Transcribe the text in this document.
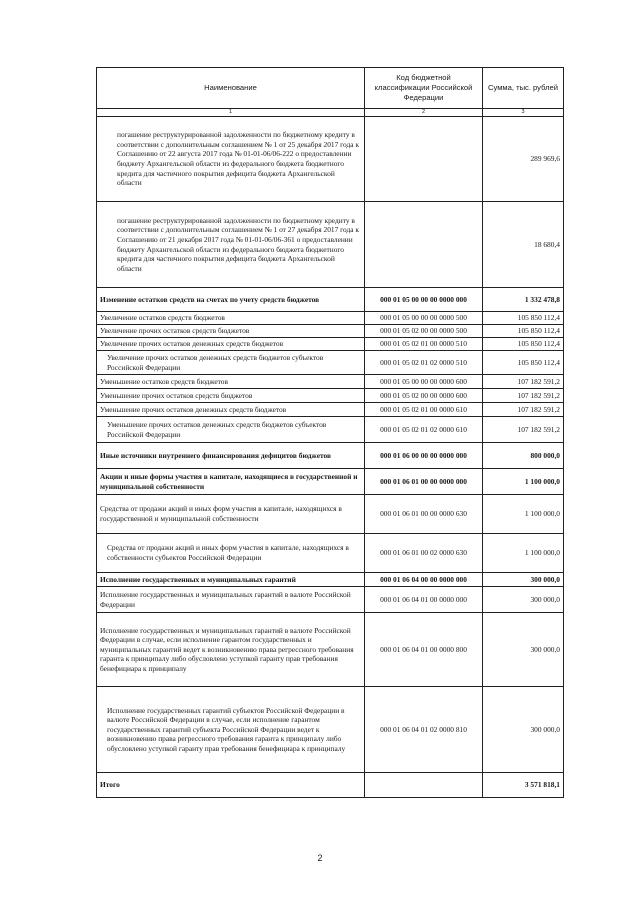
Наименование	Код бюджетной классификации Российской Федерации	Сумма, тыс. рублей
1	2	3
погашение реструктурированной задолженности по бюджетному кредиту в соответствии с дополнительным соглашением № 1 от 25 декабря 2017 года к Соглашению от 22 августа 2017 года № 01-01-06/06-222 о предоставлении бюджету Архангельской области из федерального бюджета бюджетного кредита для частичного покрытия дефицита бюджета Архангельской области		289 969,6
погашение реструктурированной задолженности по бюджетному кредиту в соответствии с дополнительным соглашением № 1 от 27 декабря 2017 года к Соглашению от 21 декабря 2017 года № 01-01-06/06-361 о предоставлении бюджету Архангельской области из федерального бюджета бюджетного кредита для частичного покрытия дефицита бюджета Архангельской области		18 680,4
Изменение остатков средств на счетах по учету средств бюджетов	000 01 05 00 00 00 0000 000	1 332 478,8
Увеличение остатков средств бюджетов	000 01 05 00 00 00 0000 500	105 850 112,4
Увеличение прочих остатков средств бюджетов	000 01 05 02 00 00 0000 500	105 850 112,4
Увеличение прочих остатков денежных средств бюджетов	000 01 05 02 01 00 0000 510	105 850 112,4
Увеличение прочих остатков денежных средств бюджетов субъектов Российской Федерации	000 01 05 02 01 02 0000 510	105 850 112,4
Уменьшение остатков средств бюджетов	000 01 05 00 00 00 0000 600	107 182 591,2
Уменьшение прочих остатков средств бюджетов	000 01 05 02 00 00 0000 600	107 182 591,2
Уменьшение прочих остатков денежных средств бюджетов	000 01 05 02 01 00 0000 610	107 182 591,2
Уменьшение прочих остатков денежных средств бюджетов субъектов Российской Федерации	000 01 05 02 01 02 0000 610	107 182 591,2
Иные источники внутреннего финансирования дефицитов бюджетов	000 01 06 00 00 00 0000 000	800 000,0
Акции и иные формы участия в капитале, находящиеся в государственной и муниципальной собственности	000 01 06 01 00 00 0000 000	1 100 000,0
Средства от продажи акций и иных форм участия в капитале, находящихся в государственной и муниципальной собственности	000 01 06 01 00 00 0000 630	1 100 000,0
Средства от продажи акций и иных форм участия в капитале, находящихся в собственности субъектов Российской Федерации	000 01 06 01 00 02 0000 630	1 100 000,0
Исполнение государственных и муниципальных гарантий	000 01 06 04 00 00 0000 000	300 000,0
Исполнение государственных и муниципальных гарантий в валюте Российской Федерации	000 01 06 04 01 00 0000 000	300 000,0
Исполнение государственных и муниципальных гарантий в валюте Российской Федерации в случае, если исполнение гарантом государственных и муниципальных гарантий ведет к возникновению права регрессного требования гаранта к принципалу либо обусловлено уступкой гаранту прав требования бенефициара к принципалу	000 01 06 04 01 00 0000 800	300 000,0
Исполнение государственных гарантий субъектов Российской Федерации в валюте Российской Федерации в случае, если исполнение гарантом государственных гарантий субъекта Российской Федерации ведет к возникновению права регрессного требования гаранта к принципалу либо обусловлено уступкой гаранту прав требования бенефициара к принципалу	000 01 06 04 01 02 0000 810	300 000,0
Итого		3 571 818,1
2
